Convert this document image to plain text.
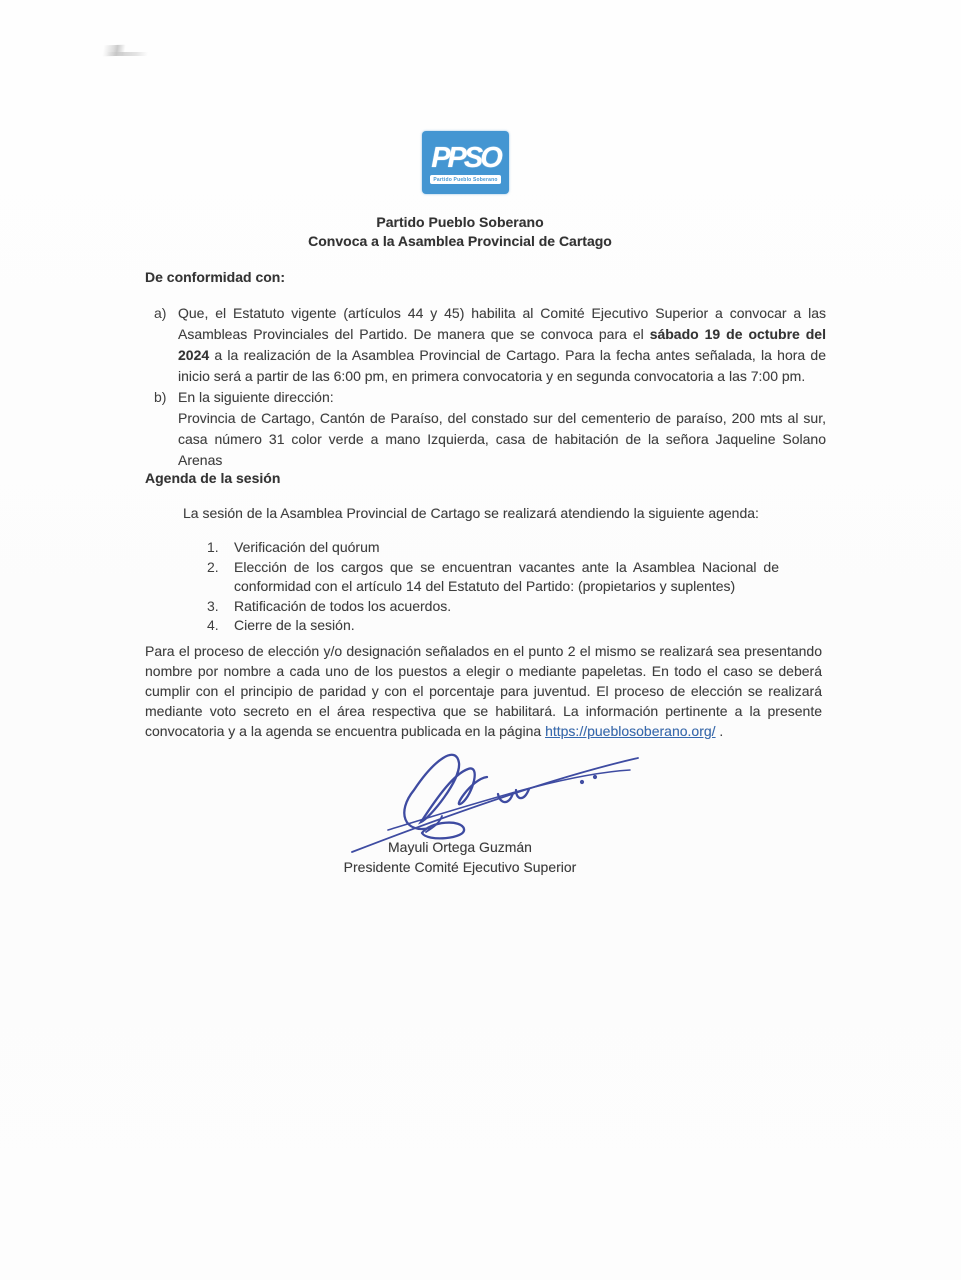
PPSO
Partido Pueblo Soberano
Partido Pueblo Soberano
Convoca a la Asamblea Provincial de Cartago
De conformidad con:
a) Que, el Estatuto vigente (artículos 44 y 45) habilita al Comité Ejecutivo Superior a convocar a las Asambleas Provinciales del Partido. De manera que se convoca para el sábado 19 de octubre del 2024 a la realización de la Asamblea Provincial de Cartago. Para la fecha antes señalada, la hora de inicio será a partir de las 6:00 pm, en primera convocatoria y en segunda convocatoria a las 7:00 pm.
b) En la siguiente dirección:
Provincia de Cartago, Cantón de Paraíso, del constado sur del cementerio de paraíso, 200 mts al sur, casa número 31 color verde a mano Izquierda, casa de habitación de la señora Jaqueline Solano Arenas
Agenda de la sesión
La sesión de la Asamblea Provincial de Cartago se realizará atendiendo la siguiente agenda:
1.	Verificación del quórum
2.	Elección de los cargos que se encuentran vacantes ante la Asamblea Nacional de conformidad con el artículo 14 del Estatuto del Partido: (propietarios y suplentes)
3.	Ratificación de todos los acuerdos.
4.	Cierre de la sesión.
Para el proceso de elección y/o designación señalados en el punto 2 el mismo se realizará sea presentando nombre por nombre a cada uno de los puestos a elegir o mediante papeletas. En todo el caso se deberá cumplir con el principio de paridad y con el porcentaje para juventud. El proceso de elección se realizará mediante voto secreto en el área respectiva que se habilitará. La información pertinente a la presente convocatoria y a la agenda se encuentra publicada en la página https://pueblosoberano.org/ .
Mayuli Ortega Guzmán
Presidente Comité Ejecutivo Superior
